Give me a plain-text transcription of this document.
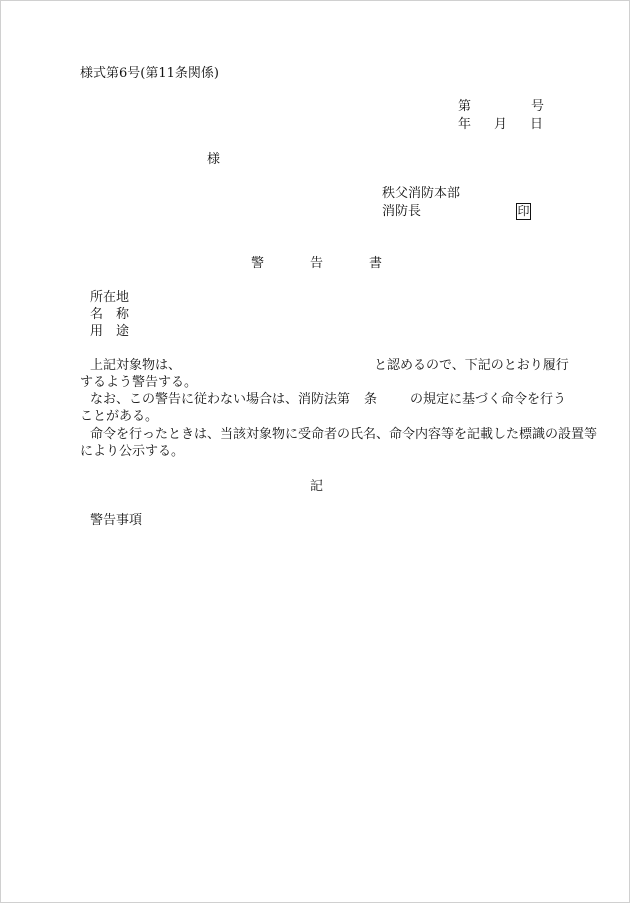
様式第6号(第11条関係)
第	号
年 月 日
様
秩父消防本部
消防長	印
警	告	書
所在地
名 称
用 途
上記対象物は、	と認めるので、下記のとおり履行
するよう警告する。
なお、この警告に従わない場合は、消防法第 条	の規定に基づく命令を行う
ことがある。
命令を行ったときは、当該対象物に受命者の氏名、命令内容等を記載した標識の設置等
により公示する。
記
警告事項
